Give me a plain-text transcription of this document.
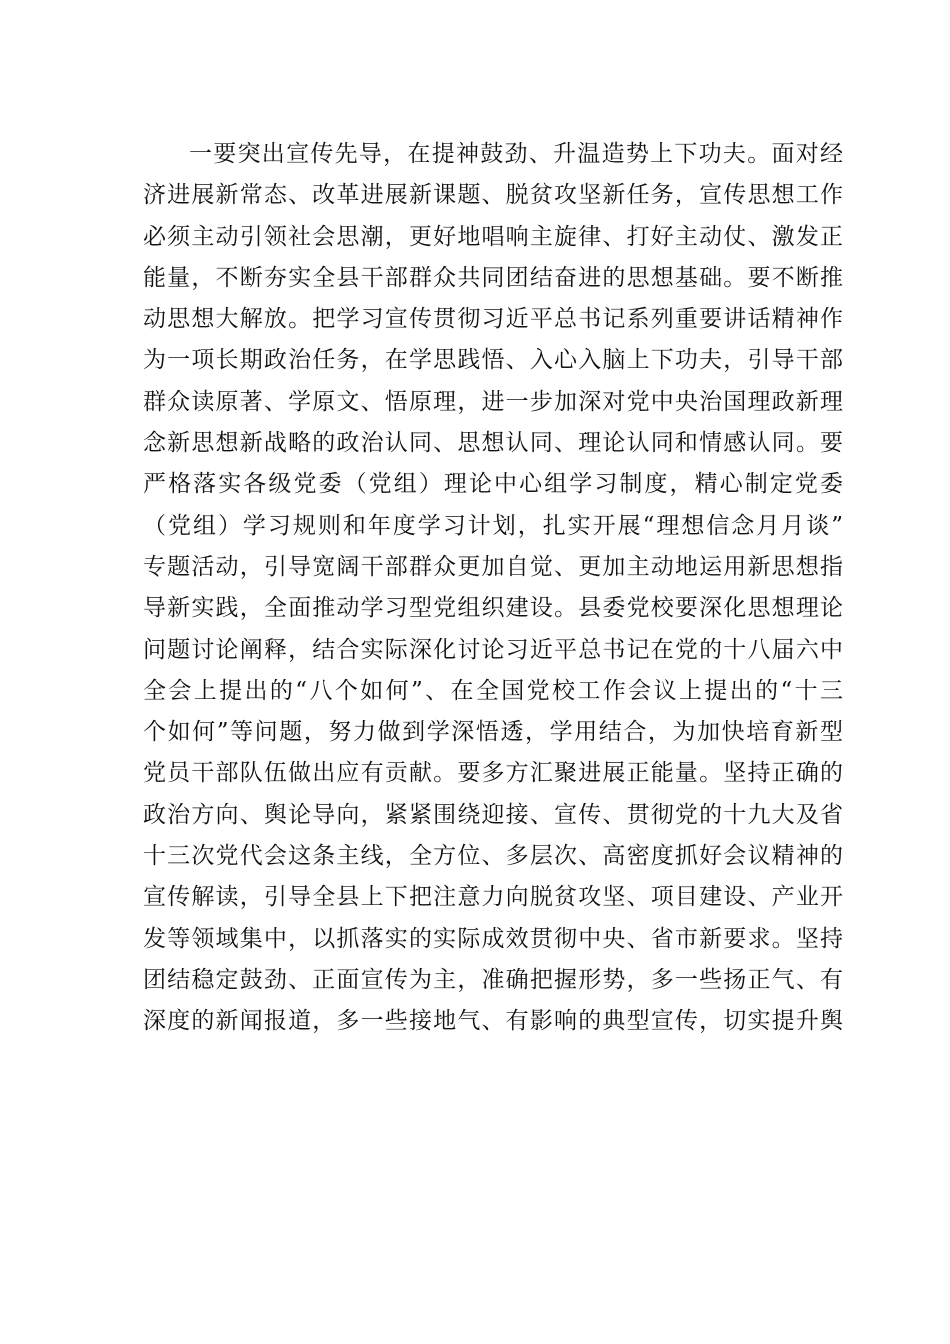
一要突出宣传先导，在提神鼓劲、升温造势上下功夫。面对经
济进展新常态、改革进展新课题、脱贫攻坚新任务，宣传思想工作
必须主动引领社会思潮，更好地唱响主旋律、打好主动仗、激发正
能量，不断夯实全县干部群众共同团结奋进的思想基础。要不断推
动思想大解放。把学习宣传贯彻习近平总书记系列重要讲话精神作
为一项长期政治任务，在学思践悟、入心入脑上下功夫，引导干部
群众读原著、学原文、悟原理，进一步加深对党中央治国理政新理
念新思想新战略的政治认同、思想认同、理论认同和情感认同。要
严格落实各级党委（党组）理论中心组学习制度，精心制定党委
（党组）学习规则和年度学习计划，扎实开展“理想信念月月谈”
专题活动，引导宽阔干部群众更加自觉、更加主动地运用新思想指
导新实践，全面推动学习型党组织建设。县委党校要深化思想理论
问题讨论阐释，结合实际深化讨论习近平总书记在党的十八届六中
全会上提出的“八个如何”、在全国党校工作会议上提出的“十三
个如何”等问题，努力做到学深悟透，学用结合，为加快培育新型
党员干部队伍做出应有贡献。要多方汇聚进展正能量。坚持正确的
政治方向、舆论导向，紧紧围绕迎接、宣传、贯彻党的十九大及省
十三次党代会这条主线，全方位、多层次、高密度抓好会议精神的
宣传解读，引导全县上下把注意力向脱贫攻坚、项目建设、产业开
发等领域集中，以抓落实的实际成效贯彻中央、省市新要求。坚持
团结稳定鼓劲、正面宣传为主，准确把握形势，多一些扬正气、有
深度的新闻报道，多一些接地气、有影响的典型宣传，切实提升舆
